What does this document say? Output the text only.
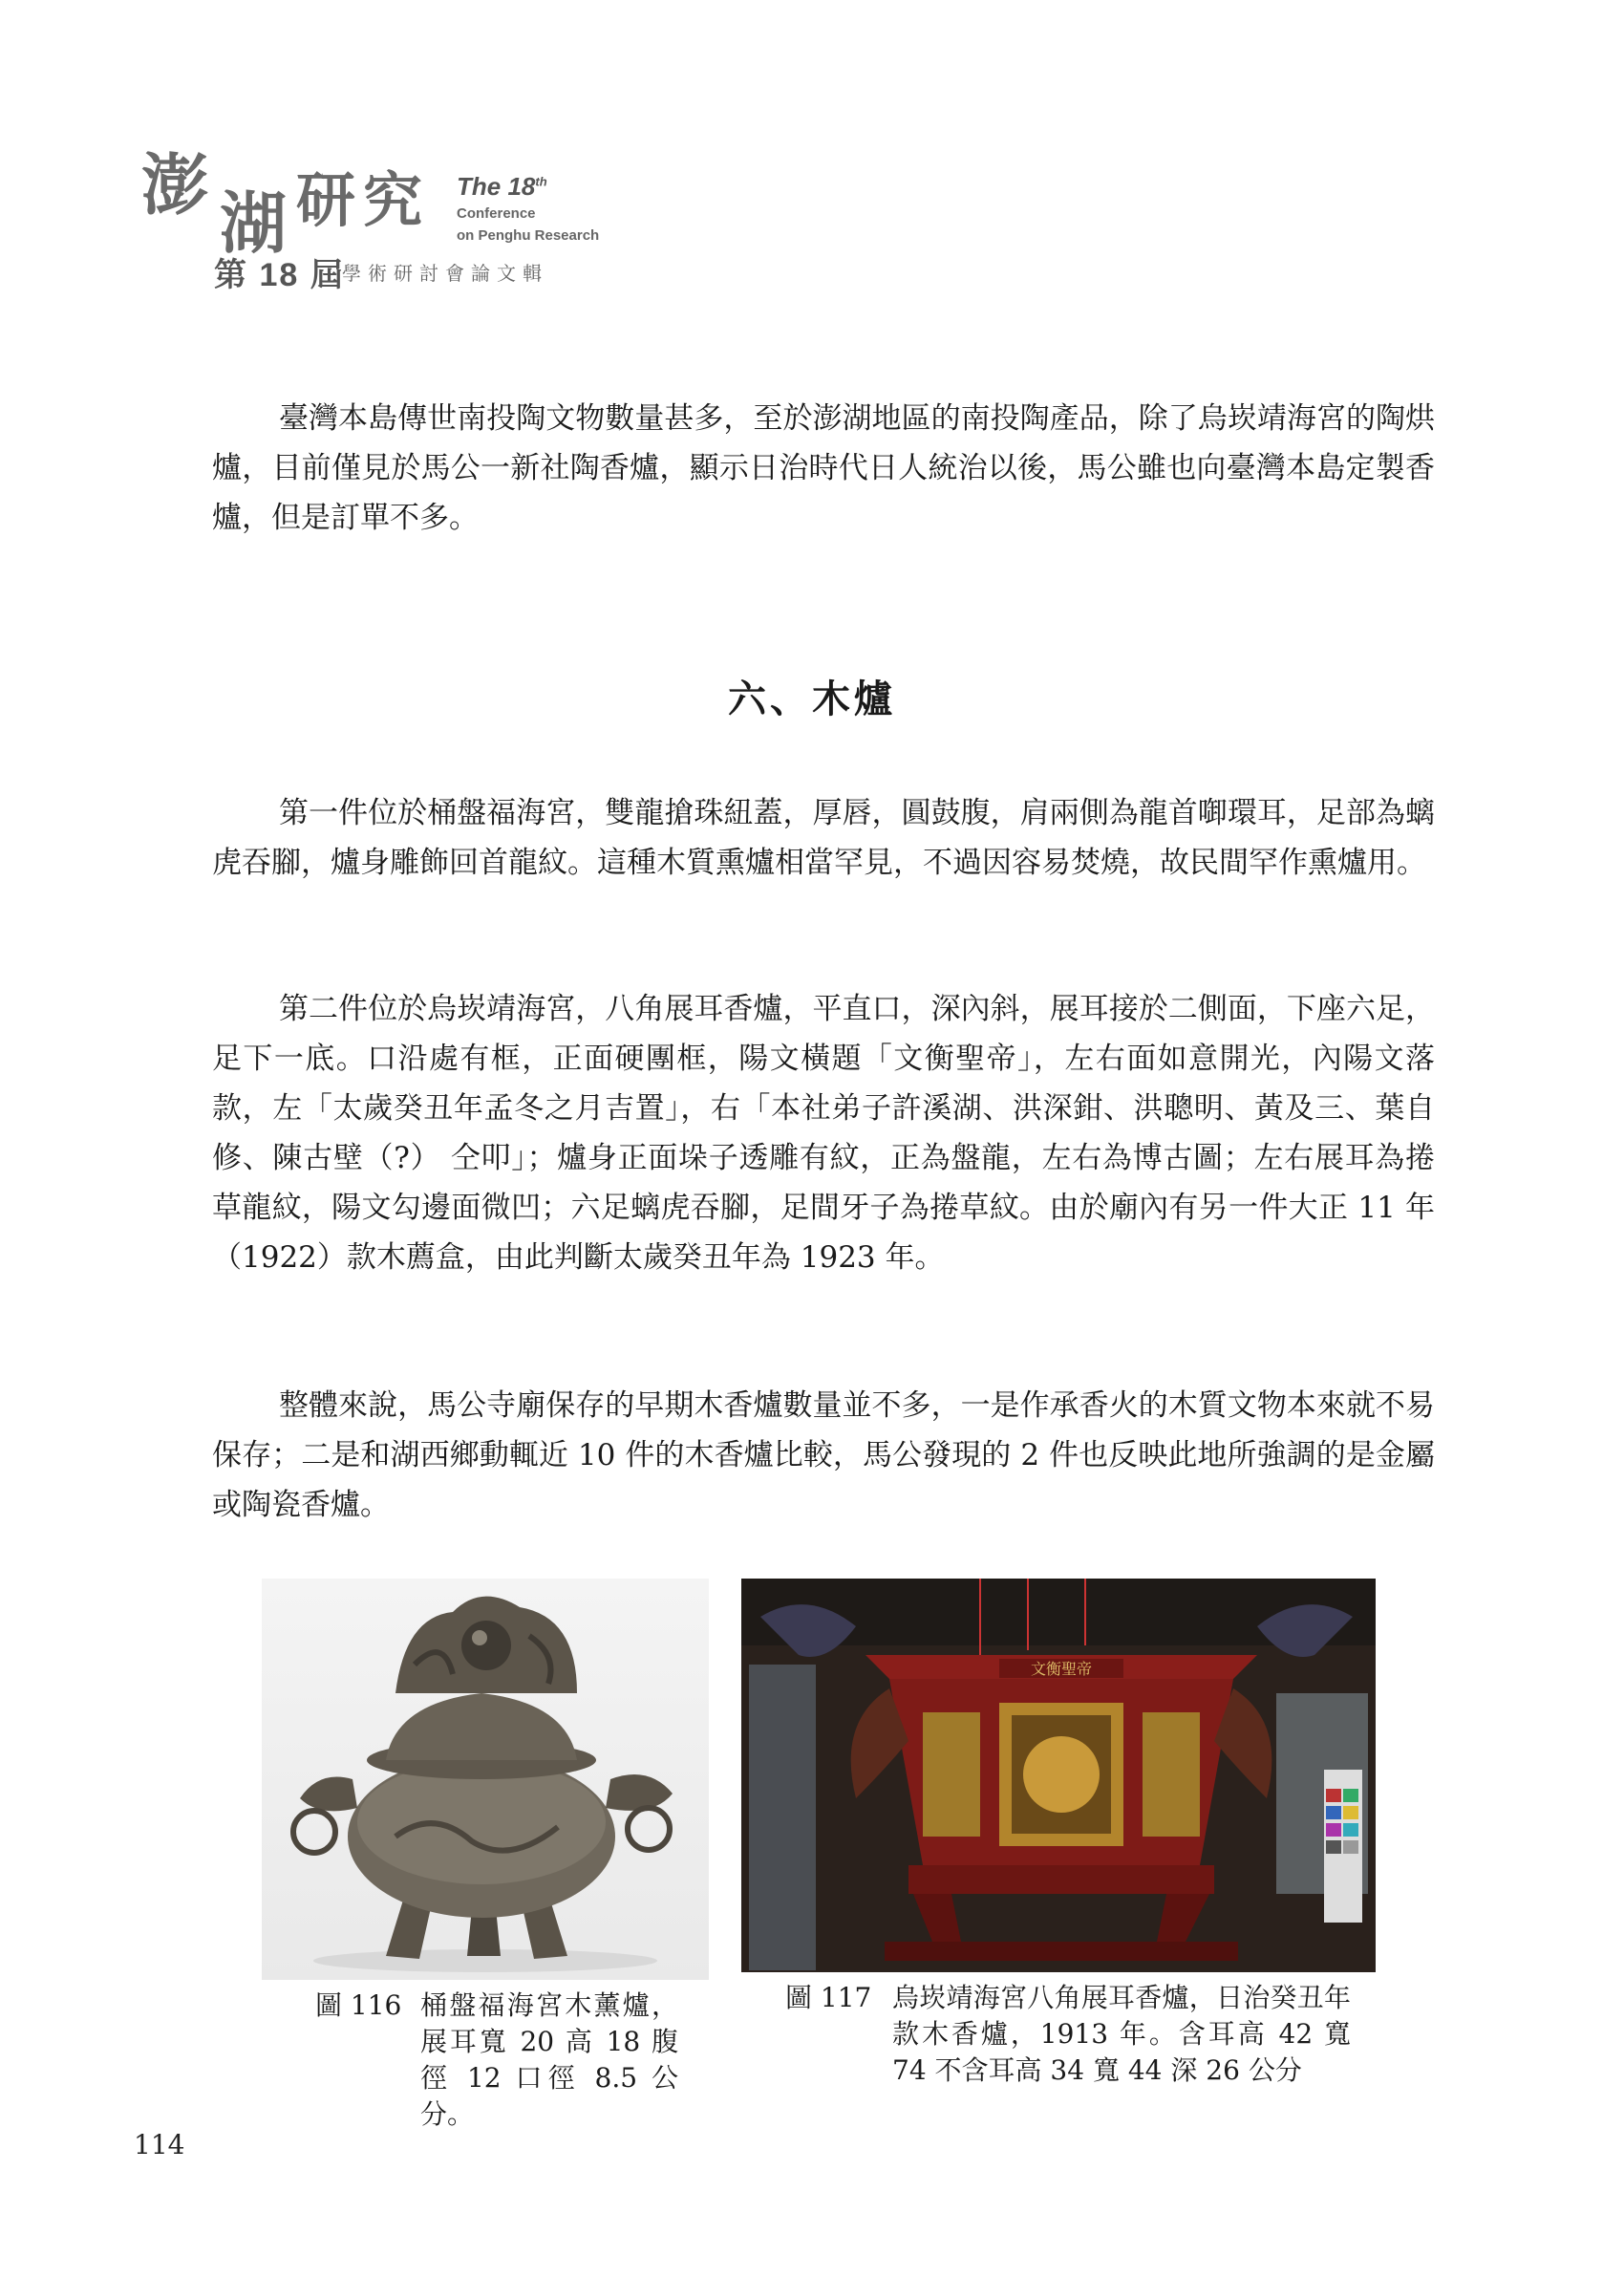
澎 湖 研 究 The 18th
Conference
on Penghu Research
第 18 屆
學術研討會論文輯

臺灣本島傳世南投陶文物數量甚多，至於澎湖地區的南投陶產品，除了烏崁靖海宮的陶烘爐，目前僅見於馬公一新社陶香爐，顯示日治時代日人統治以後，馬公雖也向臺灣本島定製香爐，但是訂單不多。

六、木爐

第一件位於桶盤福海宮，雙龍搶珠紐蓋，厚唇，圓鼓腹，肩兩側為龍首啣環耳，足部為螭虎吞腳，爐身雕飾回首龍紋。這種木質熏爐相當罕見，不過因容易焚燒，故民間罕作熏爐用。

第二件位於烏崁靖海宮，八角展耳香爐，平直口，深內斜，展耳接於二側面，下座六足，足下一底。口沿處有框，正面硬團框，陽文橫題「文衡聖帝」，左右面如意開光，內陽文落款，左「太歲癸丑年孟冬之月吉置」，右「本社弟子許溪湖、洪深鉗、洪聰明、黃及三、葉自修、陳古壁（?） 仝叩」；爐身正面垛子透雕有紋，正為盤龍，左右為博古圖；左右展耳為捲草龍紋，陽文勾邊面微凹；六足螭虎吞腳，足間牙子為捲草紋。由於廟內有另一件大正 11 年（1922）款木薦盒，由此判斷太歲癸丑年為 1923 年。

整體來說，馬公寺廟保存的早期木香爐數量並不多，一是作承香火的木質文物本來就不易保存；二是和湖西鄉動輒近 10 件的木香爐比較，馬公發現的 2 件也反映此地所強調的是金屬或陶瓷香爐。

文衡聖帝
圖 116 桶盤福海宮木薰爐，展耳寬 20 高 18 腹徑 12 口徑 8.5 公分。
圖 117 烏崁靖海宮八角展耳香爐，日治癸丑年款木香爐，1913 年。含耳高 42 寬 74 不含耳高 34 寬 44 深 26 公分
114
